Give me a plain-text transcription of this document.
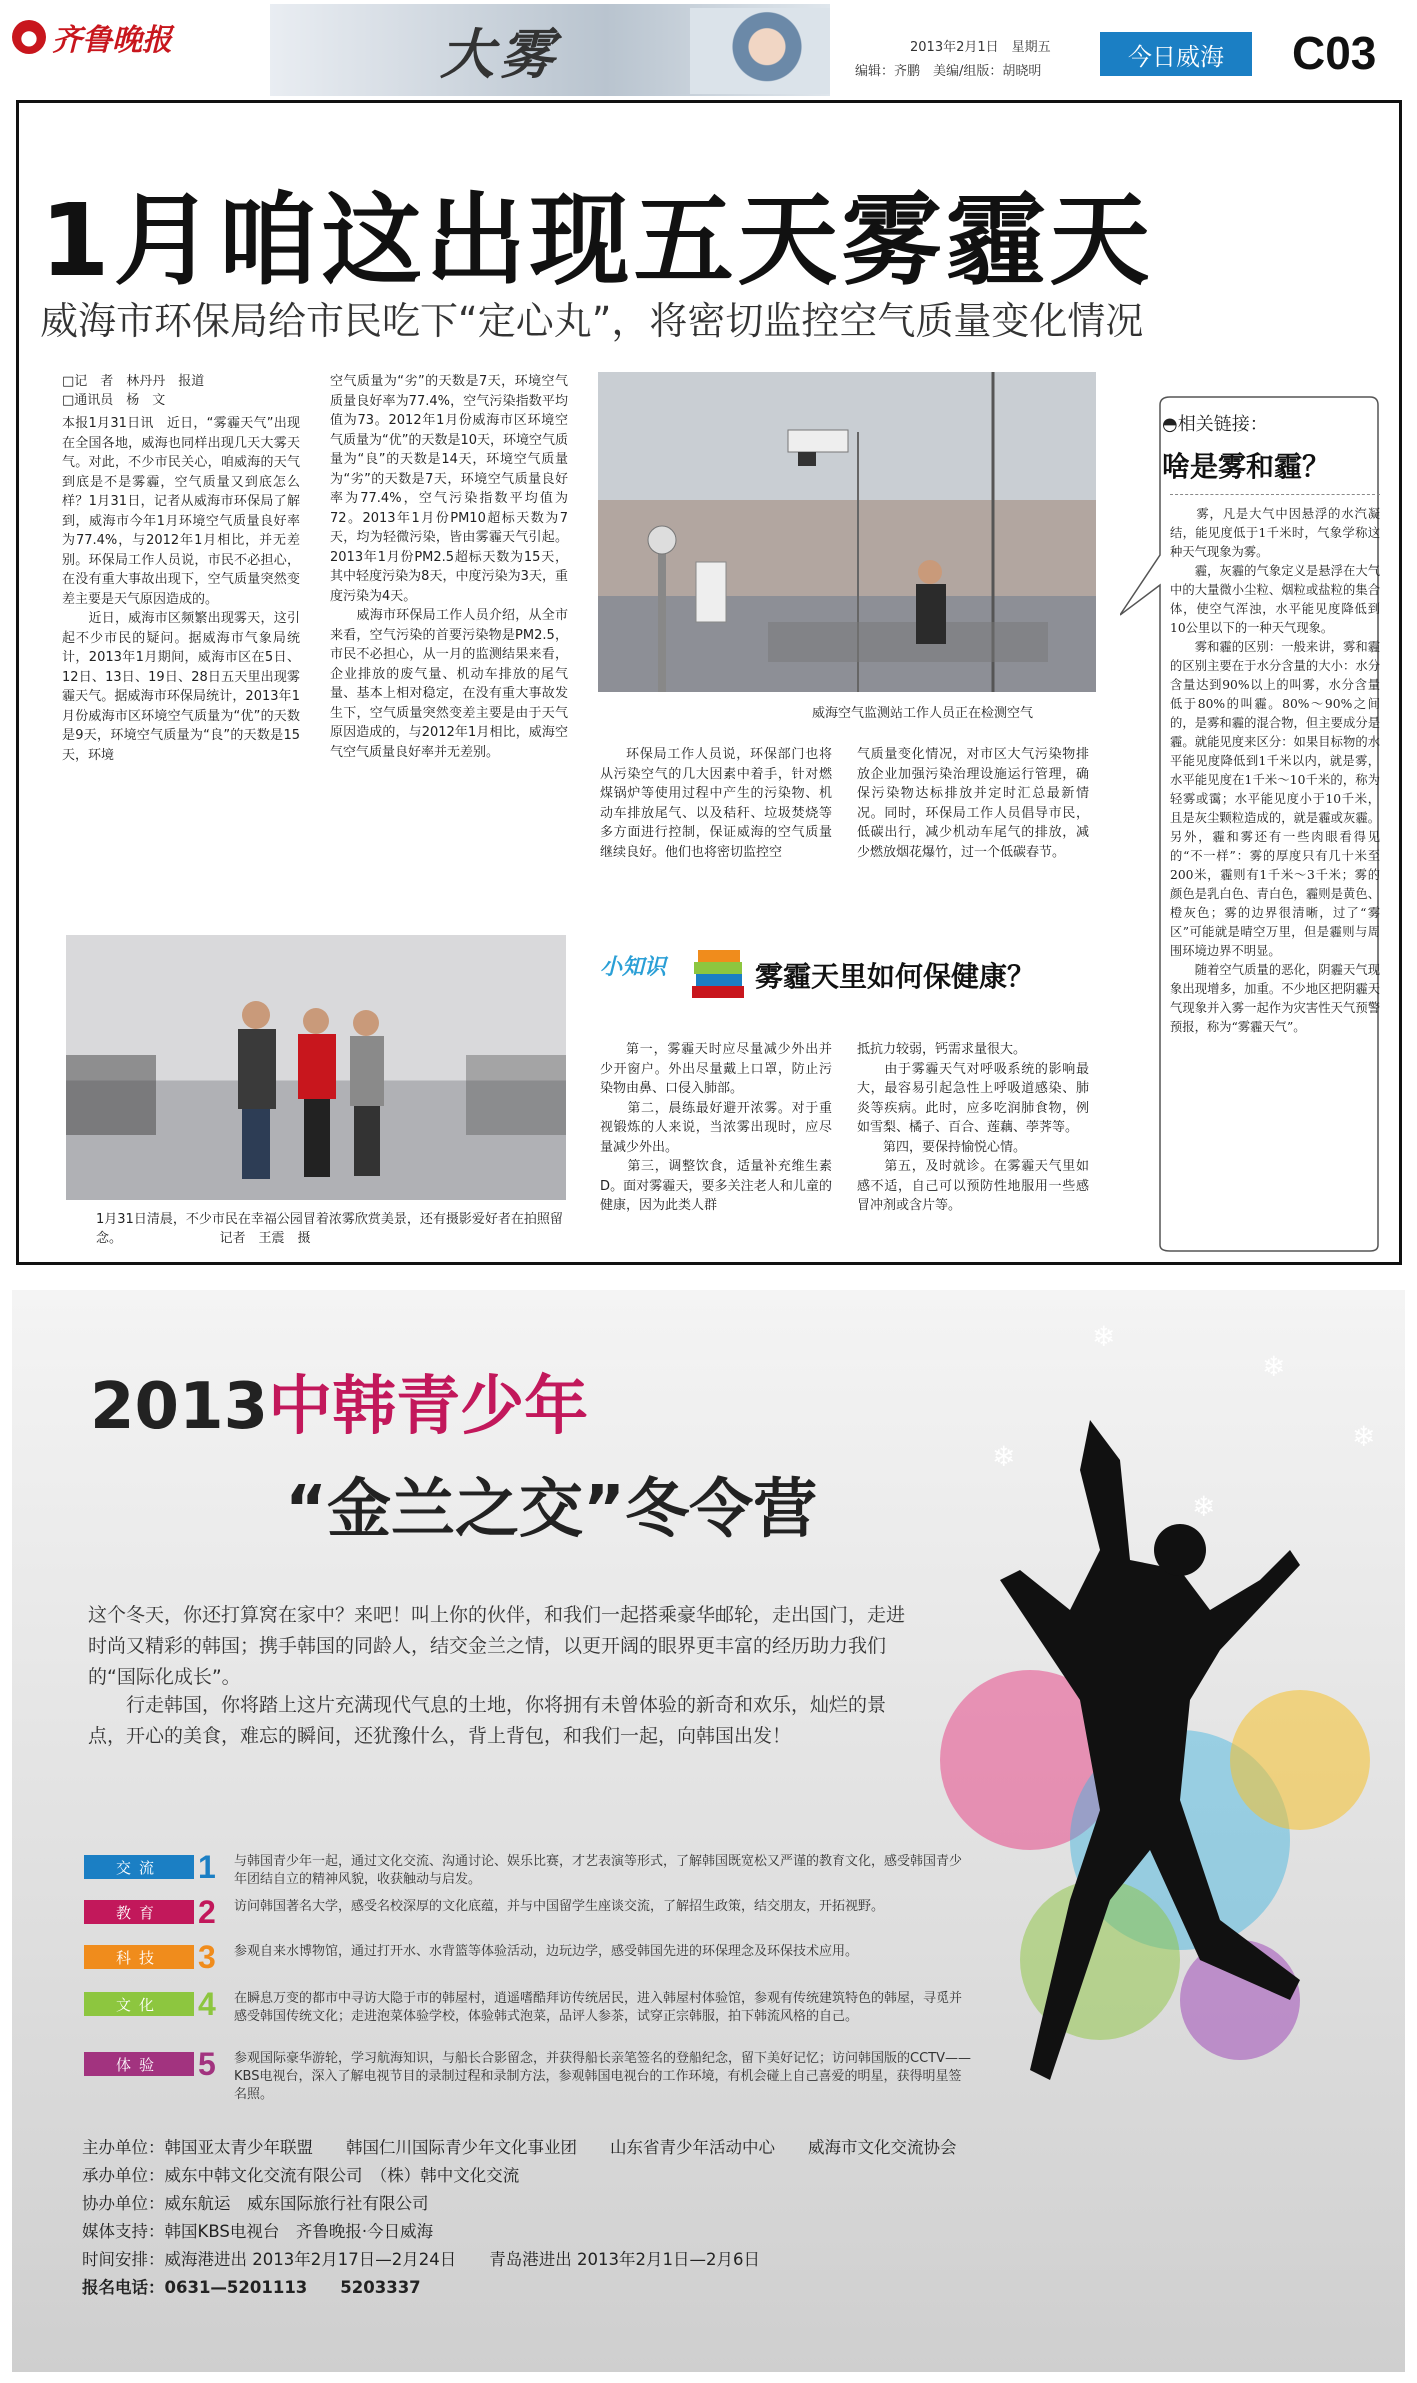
● 齐鲁晚报	大雾	2013年2月1日　星期五
编辑：齐鹏　美编/组版：胡晓明
今日威海	C03
1月咱这出现五天雾霾天
威海市环保局给市民吃下“定心丸”，将密切监控空气质量变化情况
□记　者　林丹丹　报道
□通讯员　杨　文
本报1月31日讯　近日，“雾霾天气”出现在全国各地，威海也同样出现几天大雾天气。对此，不少市民关心，咱威海的天气到底是不是雾霾，空气质量又到底怎么样？1月31日，记者从威海市环保局了解到，威海市今年1月环境空气质量良好率为77.4%，与2012年1月相比，并无差别。环保局工作人员说，市民不必担心，在没有重大事故出现下，空气质量突然变差主要是天气原因造成的。
　　近日，威海市区频繁出现雾天，这引起不少市民的疑问。据威海市气象局统计，2013年1月期间，威海市区在5日、12日、13日、19日、28日五天里出现雾霾天气。据威海市环保局统计，2013年1月份威海市区环境空气质量为“优”的天数是9天，环境空气质量为“良”的天数是15天，环境
空气质量为“劣”的天数是7天，环境空气质量良好率为77.4%，空气污染指数平均值为73。2012年1月份威海市区环境空气质量为“优”的天数是10天，环境空气质量为“良”的天数是14天，环境空气质量为“劣”的天数是7天，环境空气质量良好率为77.4%，空气污染指数平均值为72。2013年1月份PM10超标天数为7天，均为轻微污染，皆由雾霾天气引起。2013年1月份PM2.5超标天数为15天，其中轻度污染为8天，中度污染为3天，重度污染为4天。
　　威海市环保局工作人员介绍，从全市来看，空气污染的首要污染物是PM2.5，市民不必担心，从一月的监测结果来看，企业排放的废气量、机动车排放的尾气量、基本上相对稳定，在没有重大事故发生下，空气质量突然变差主要是由于天气原因造成的，与2012年1月相比，威海空气空气质量良好率并无差别。
威海空气监测站工作人员正在检测空气
环保局工作人员说，环保部门也将从污染空气的几大因素中着手，针对燃煤锅炉等使用过程中产生的污染物、机动车排放尾气、以及秸秆、垃圾焚烧等多方面进行控制，保证威海的空气质量继续良好。他们也将密切监控空
气质量变化情况，对市区大气污染物排放企业加强污染治理设施运行管理，确保污染物达标排放并定时汇总最新情况。同时，环保局工作人员倡导市民，低碳出行，减少机动车尾气的排放，减少燃放烟花爆竹，过一个低碳春节。
1月31日清晨，不少市民在幸福公园冒着浓雾欣赏美景，还有摄影爱好者在拍照留念。　　　　　　　　记者　王震　摄
小知识	雾霾天里如何保健康？
第一，雾霾天时应尽量减少外出并少开窗户。外出尽量戴上口罩，防止污染物由鼻、口侵入肺部。
　　第二，晨练最好避开浓雾。对于重视锻炼的人来说，当浓雾出现时，应尽量减少外出。
　　第三，调整饮食，适量补充维生素D。面对雾霾天，要多关注老人和儿童的健康，因为此类人群
抵抗力较弱，钙需求量很大。
　　由于雾霾天气对呼吸系统的影响最大，最容易引起急性上呼吸道感染、肺炎等疾病。此时，应多吃润肺食物，例如雪梨、橘子、百合、莲藕、荸荠等。
　　第四，要保持愉悦心情。
　　第五，及时就诊。在雾霾天气里如感不适，自己可以预防性地服用一些感冒冲剂或含片等。
◓相关链接：
啥是雾和霾？
　　雾，凡是大气中因悬浮的水汽凝结，能见度低于1千米时，气象学称这种天气现象为雾。
　　霾，灰霾的气象定义是悬浮在大气中的大量微小尘粒、烟粒或盐粒的集合体，使空气浑浊，水平能见度降低到10公里以下的一种天气现象。
　　雾和霾的区别：一般来讲，雾和霾的区别主要在于水分含量的大小：水分含量达到90%以上的叫雾，水分含量低于80%的叫霾。80%～90%之间的，是雾和霾的混合物，但主要成分是霾。就能见度来区分：如果目标物的水平能见度降低到1千米以内，就是雾，水平能见度在1千米～10千米的，称为轻雾或霭；水平能见度小于10千米，且是灰尘颗粒造成的，就是霾或灰霾。另外，霾和雾还有一些肉眼看得见的“不一样”：雾的厚度只有几十米至200米，霾则有1千米～3千米；雾的颜色是乳白色、青白色，霾则是黄色、橙灰色；雾的边界很清晰，过了“雾区”可能就是晴空万里，但是霾则与周围环境边界不明显。
　　随着空气质量的恶化，阴霾天气现象出现增多，加重。不少地区把阴霾天气现象并入雾一起作为灾害性天气预警预报，称为“雾霾天气”。
❄
❄
❄
❄
❄
2013中韩青少年
“金兰之交”冬令营
这个冬天，你还打算窝在家中？来吧！叫上你的伙伴，和我们一起搭乘豪华邮轮，走出国门，走进时尚又精彩的韩国；携手韩国的同龄人，结交金兰之情，以更开阔的眼界更丰富的经历助力我们的“国际化成长”。
　　行走韩国，你将踏上这片充满现代气息的土地，你将拥有未曾体验的新奇和欢乐，灿烂的景点，开心的美食，难忘的瞬间，还犹豫什么，背上背包，和我们一起，向韩国出发！
交流	1 与韩国青少年一起，通过文化交流、沟通讨论、娱乐比赛，才艺表演等形式，了解韩国既宽松又严谨的教育文化，感受韩国青少年团结自立的精神风貌，收获触动与启发。
教育	2 访问韩国著名大学，感受名校深厚的文化底蕴，并与中国留学生座谈交流，了解招生政策，结交朋友，开拓视野。
科技	3 参观自来水博物馆，通过打开水、水背篮等体验活动，边玩边学，感受韩国先进的环保理念及环保技术应用。
文化	4 在瞬息万变的都市中寻访大隐于市的韩屋村，逍遥嗜酷拜访传统居民，进入韩屋村体验馆，参观有传统建筑特色的韩屋，寻觅并感受韩国传统文化；走进泡菜体验学校，体验韩式泡菜，品评人参茶，试穿正宗韩服，拍下韩流风格的自己。
体验	5 参观国际豪华游轮，学习航海知识，与船长合影留念，并获得船长亲笔签名的登船纪念，留下美好记忆；访问韩国版的CCTV——KBS电视台，深入了解电视节目的录制过程和录制方法，参观韩国电视台的工作环境，有机会碰上自己喜爱的明星，获得明星签名照。
主办单位：韩国亚太青少年联盟　　韩国仁川国际青少年文化事业团　　山东省青少年活动中心　　威海市文化交流协会
承办单位：威东中韩文化交流有限公司　（株）韩中文化交流
协办单位：威东航运　威东国际旅行社有限公司
媒体支持：韩国KBS电视台　齐鲁晚报·今日威海
时间安排：威海港进出 2013年2月17日—2月24日　　青岛港进出 2013年2月1日—2月6日
报名电话：0631—5201113　　5203337
